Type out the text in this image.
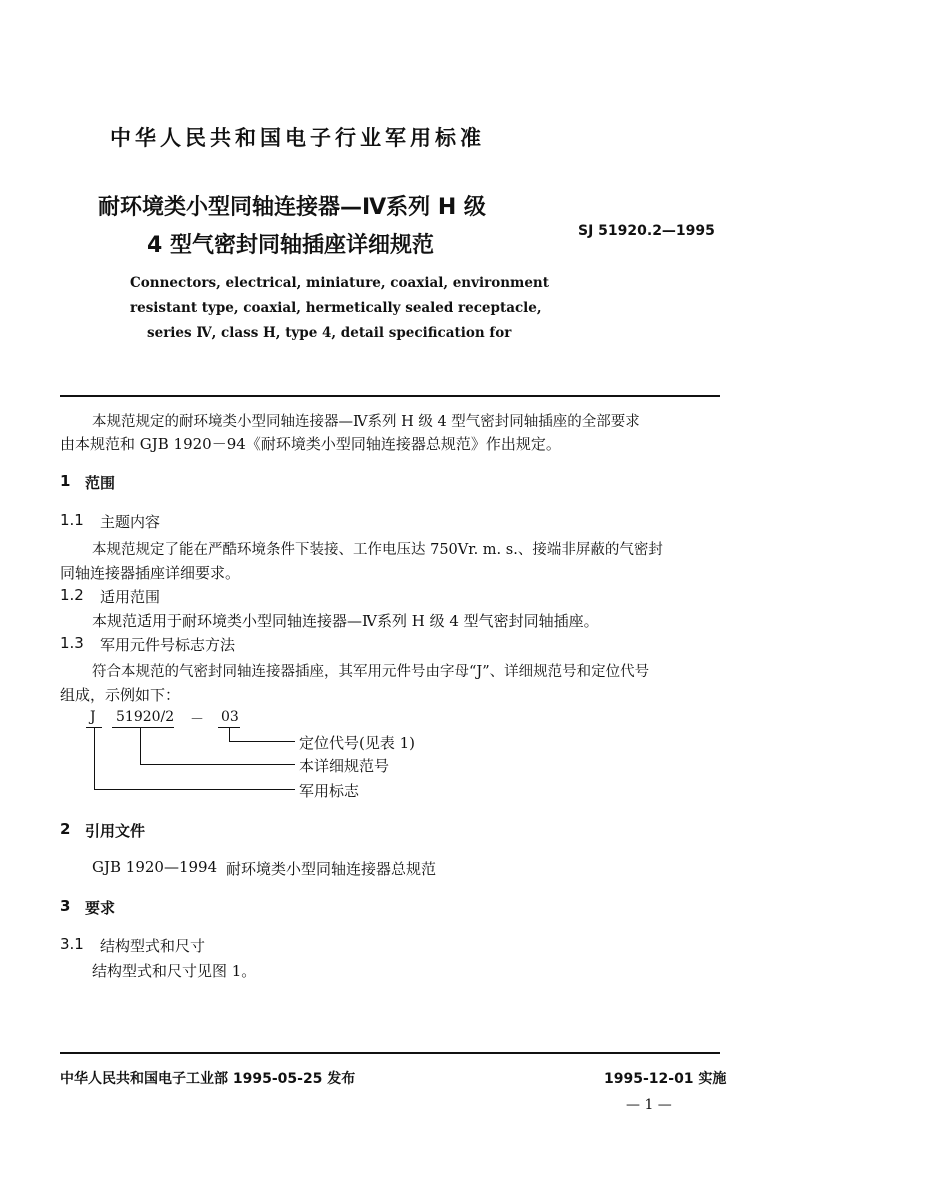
中华人民共和国电子行业军用标准
耐环境类小型同轴连接器—Ⅳ系列 H 级
4 型气密封同轴插座详细规范
SJ 51920.2—1995
Connectors, electrical, miniature, coaxial, environment
resistant type, coaxial, hermetically sealed receptacle,
series Ⅳ, class H, type 4, detail specification for
本规范规定的耐环境类小型同轴连接器—Ⅳ系列 H 级 4 型气密封同轴插座的全部要求
由本规范和 GJB 1920－94《耐环境类小型同轴连接器总规范》作出规定。
1 范围
1.1 主题内容
本规范规定了能在严酷环境条件下装接、工作电压达 750Vr. m. s.、接端非屏蔽的气密封
同轴连接器插座详细要求。
1.2 适用范围
本规范适用于耐环境类小型同轴连接器—Ⅳ系列 H 级 4 型气密封同轴插座。
1.3 军用元件号标志方法
符合本规范的气密封同轴连接器插座，其军用元件号由字母“J”、详细规范号和定位代号
组成，示例如下：
J 51920/2 － 03
定位代号(见表 1)
本详细规范号
军用标志
2 引用文件
GJB 1920—1994 耐环境类小型同轴连接器总规范
3 要求
3.1 结构型式和尺寸
结构型式和尺寸见图 1。
中华人民共和国电子工业部 1995-05-25 发布	1995-12-01 实施
— 1 —
